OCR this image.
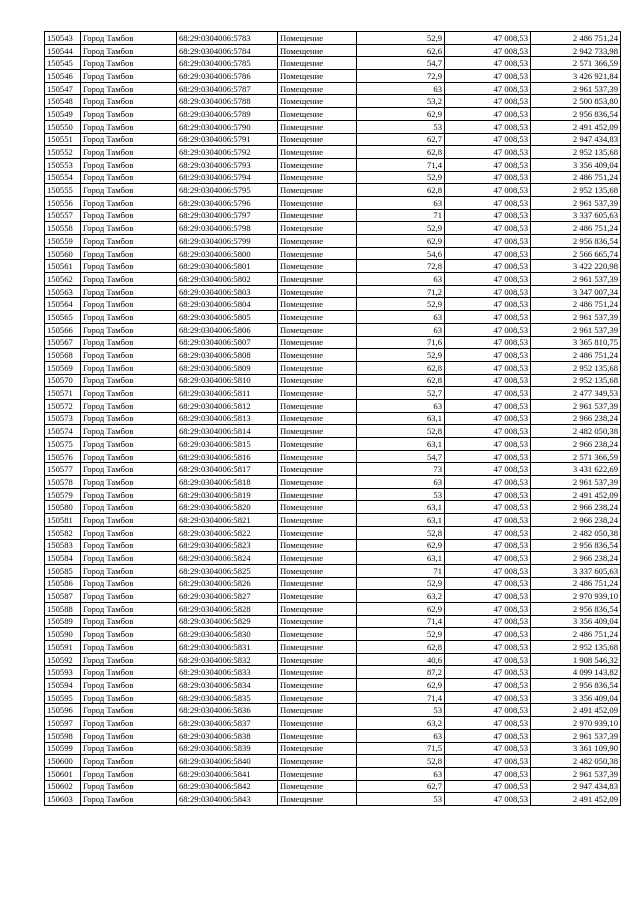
150543	Город Тамбов	68:29:0304006:5783	Помещение	52,9	47 008,53	2 486 751,24
150544	Город Тамбов	68:29:0304006:5784	Помещение	62,6	47 008,53	2 942 733,98
150545	Город Тамбов	68:29:0304006:5785	Помещение	54,7	47 008,53	2 571 366,59
150546	Город Тамбов	68:29:0304006:5786	Помещение	72,9	47 008,53	3 426 921,84
150547	Город Тамбов	68:29:0304006:5787	Помещение	63	47 008,53	2 961 537,39
150548	Город Тамбов	68:29:0304006:5788	Помещение	53,2	47 008,53	2 500 853,80
150549	Город Тамбов	68:29:0304006:5789	Помещение	62,9	47 008,53	2 956 836,54
150550	Город Тамбов	68:29:0304006:5790	Помещение	53	47 008,53	2 491 452,09
150551	Город Тамбов	68:29:0304006:5791	Помещение	62,7	47 008,53	2 947 434,83
150552	Город Тамбов	68:29:0304006:5792	Помещение	62,8	47 008,53	2 952 135,68
150553	Город Тамбов	68:29:0304006:5793	Помещение	71,4	47 008,53	3 356 409,04
150554	Город Тамбов	68:29:0304006:5794	Помещение	52,9	47 008,53	2 486 751,24
150555	Город Тамбов	68:29:0304006:5795	Помещение	62,8	47 008,53	2 952 135,68
150556	Город Тамбов	68:29:0304006:5796	Помещение	63	47 008,53	2 961 537,39
150557	Город Тамбов	68:29:0304006:5797	Помещение	71	47 008,53	3 337 605,63
150558	Город Тамбов	68:29:0304006:5798	Помещение	52,9	47 008,53	2 486 751,24
150559	Город Тамбов	68:29:0304006:5799	Помещение	62,9	47 008,53	2 956 836,54
150560	Город Тамбов	68:29:0304006:5800	Помещение	54,6	47 008,53	2 566 665,74
150561	Город Тамбов	68:29:0304006:5801	Помещение	72,8	47 008,53	3 422 220,98
150562	Город Тамбов	68:29:0304006:5802	Помещение	63	47 008,53	2 961 537,39
150563	Город Тамбов	68:29:0304006:5803	Помещение	71,2	47 008,53	3 347 007,34
150564	Город Тамбов	68:29:0304006:5804	Помещение	52,9	47 008,53	2 486 751,24
150565	Город Тамбов	68:29:0304006:5805	Помещение	63	47 008,53	2 961 537,39
150566	Город Тамбов	68:29:0304006:5806	Помещение	63	47 008,53	2 961 537,39
150567	Город Тамбов	68:29:0304006:5807	Помещение	71,6	47 008,53	3 365 810,75
150568	Город Тамбов	68:29:0304006:5808	Помещение	52,9	47 008,53	2 486 751,24
150569	Город Тамбов	68:29:0304006:5809	Помещение	62,8	47 008,53	2 952 135,68
150570	Город Тамбов	68:29:0304006:5810	Помещение	62,8	47 008,53	2 952 135,68
150571	Город Тамбов	68:29:0304006:5811	Помещение	52,7	47 008,53	2 477 349,53
150572	Город Тамбов	68:29:0304006:5812	Помещение	63	47 008,53	2 961 537,39
150573	Город Тамбов	68:29:0304006:5813	Помещение	63,1	47 008,53	2 966 238,24
150574	Город Тамбов	68:29:0304006:5814	Помещение	52,8	47 008,53	2 482 050,38
150575	Город Тамбов	68:29:0304006:5815	Помещение	63,1	47 008,53	2 966 238,24
150576	Город Тамбов	68:29:0304006:5816	Помещение	54,7	47 008,53	2 571 366,59
150577	Город Тамбов	68:29:0304006:5817	Помещение	73	47 008,53	3 431 622,69
150578	Город Тамбов	68:29:0304006:5818	Помещение	63	47 008,53	2 961 537,39
150579	Город Тамбов	68:29:0304006:5819	Помещение	53	47 008,53	2 491 452,09
150580	Город Тамбов	68:29:0304006:5820	Помещение	63,1	47 008,53	2 966 238,24
150581	Город Тамбов	68:29:0304006:5821	Помещение	63,1	47 008,53	2 966 238,24
150582	Город Тамбов	68:29:0304006:5822	Помещение	52,8	47 008,53	2 482 050,38
150583	Город Тамбов	68:29:0304006:5823	Помещение	62,9	47 008,53	2 956 836,54
150584	Город Тамбов	68:29:0304006:5824	Помещение	63,1	47 008,53	2 966 238,24
150585	Город Тамбов	68:29:0304006:5825	Помещение	71	47 008,53	3 337 605,63
150586	Город Тамбов	68:29:0304006:5826	Помещение	52,9	47 008,53	2 486 751,24
150587	Город Тамбов	68:29:0304006:5827	Помещение	63,2	47 008,53	2 970 939,10
150588	Город Тамбов	68:29:0304006:5828	Помещение	62,9	47 008,53	2 956 836,54
150589	Город Тамбов	68:29:0304006:5829	Помещение	71,4	47 008,53	3 356 409,04
150590	Город Тамбов	68:29:0304006:5830	Помещение	52,9	47 008,53	2 486 751,24
150591	Город Тамбов	68:29:0304006:5831	Помещение	62,8	47 008,53	2 952 135,68
150592	Город Тамбов	68:29:0304006:5832	Помещение	40,6	47 008,53	1 908 546,32
150593	Город Тамбов	68:29:0304006:5833	Помещение	87,2	47 008,53	4 099 143,82
150594	Город Тамбов	68:29:0304006:5834	Помещение	62,9	47 008,53	2 956 836,54
150595	Город Тамбов	68:29:0304006:5835	Помещение	71,4	47 008,53	3 356 409,04
150596	Город Тамбов	68:29:0304006:5836	Помещение	53	47 008,53	2 491 452,09
150597	Город Тамбов	68:29:0304006:5837	Помещение	63,2	47 008,53	2 970 939,10
150598	Город Тамбов	68:29:0304006:5838	Помещение	63	47 008,53	2 961 537,39
150599	Город Тамбов	68:29:0304006:5839	Помещение	71,5	47 008,53	3 361 109,90
150600	Город Тамбов	68:29:0304006:5840	Помещение	52,8	47 008,53	2 482 050,38
150601	Город Тамбов	68:29:0304006:5841	Помещение	63	47 008,53	2 961 537,39
150602	Город Тамбов	68:29:0304006:5842	Помещение	62,7	47 008,53	2 947 434,83
150603	Город Тамбов	68:29:0304006:5843	Помещение	53	47 008,53	2 491 452,09
